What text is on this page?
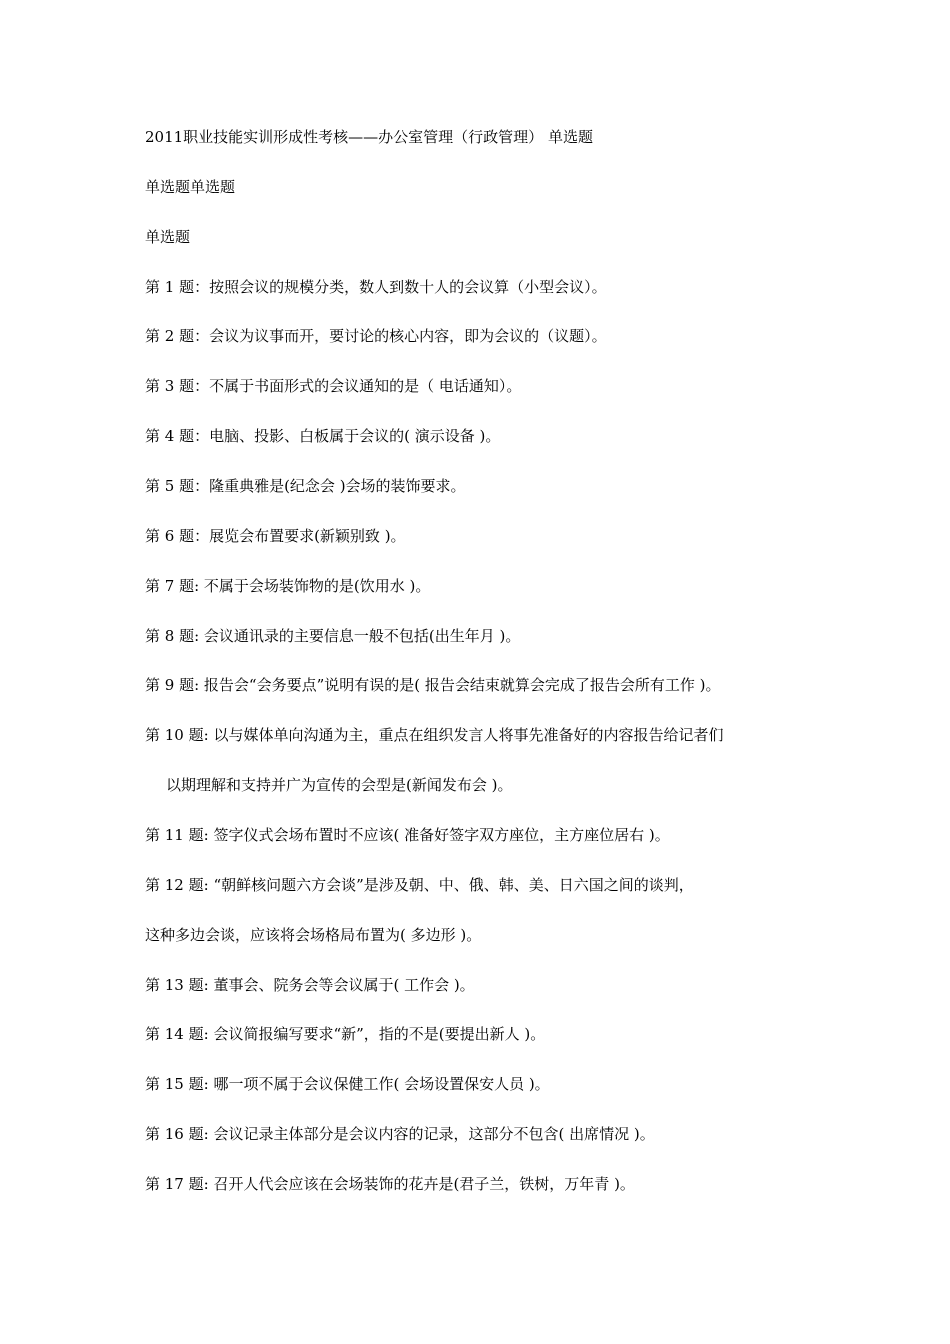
2011职业技能实训形成性考核——办公室管理（行政管理） 单选题
单选题单选题
单选题
第 1 题：按照会议的规模分类，数人到数十人的会议算（小型会议）。
第 2 题：会议为议事而开，要讨论的核心内容，即为会议的（议题）。
第 3 题：不属于书面形式的会议通知的是（ 电话通知）。
第 4 题：电脑、投影、白板属于会议的( 演示设备 )。
第 5 题：隆重典雅是(纪念会 )会场的装饰要求。
第 6 题：展览会布置要求(新颖别致 )。
第 7 题: 不属于会场装饰物的是(饮用水 )。
第 8 题: 会议通讯录的主要信息一般不包括(出生年月 )。
第 9 题: 报告会“会务要点”说明有误的是( 报告会结束就算会完成了报告会所有工作 )。
第 10 题: 以与媒体单向沟通为主，重点在组织发言人将事先准备好的内容报告给记者们
以期理解和支持并广为宣传的会型是(新闻发布会 )。
第 11 题: 签字仪式会场布置时不应该( 准备好签字双方座位，主方座位居右 )。
第 12 题: “朝鲜核问题六方会谈”是涉及朝、中、俄、韩、美、日六国之间的谈判，
这种多边会谈，应该将会场格局布置为( 多边形 )。
第 13 题: 董事会、院务会等会议属于( 工作会 )。
第 14 题: 会议简报编写要求“新”，指的不是(要提出新人 )。
第 15 题: 哪一项不属于会议保健工作( 会场设置保安人员 )。
第 16 题: 会议记录主体部分是会议内容的记录，这部分不包含( 出席情况 )。
第 17 题: 召开人代会应该在会场装饰的花卉是(君子兰，铁树，万年青 )。
